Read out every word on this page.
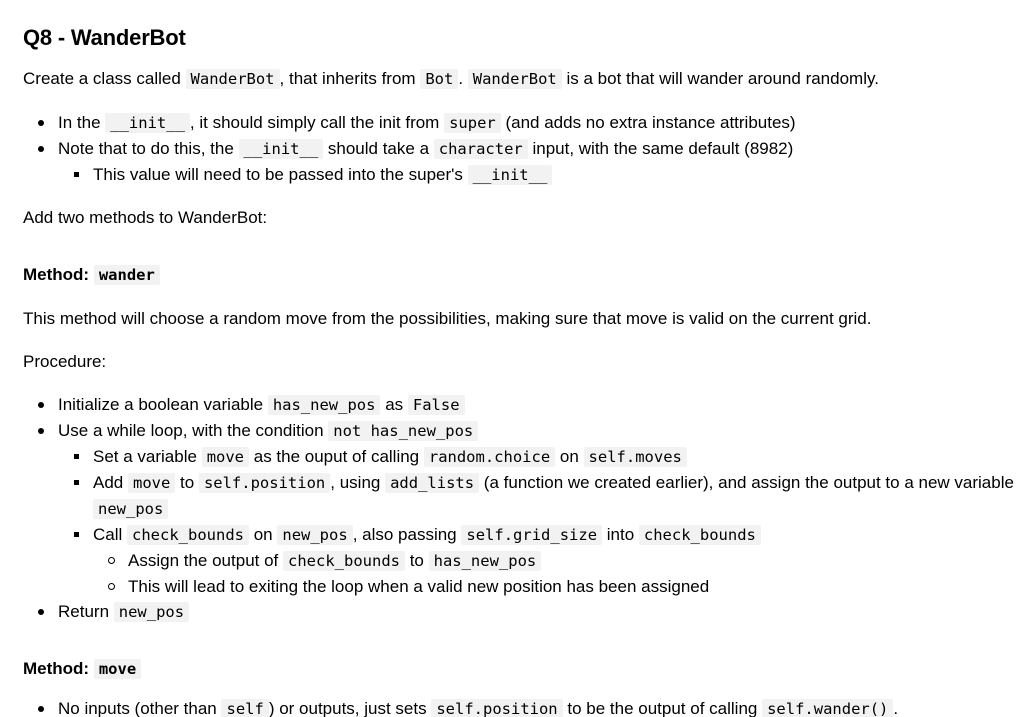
Q8 - WanderBot

Create a class called WanderBot , that inherits from Bot . WanderBot is a bot that will wander around randomly.

In the __init__ , it should simply call the init from super (and adds no extra instance attributes)
Note that to do this, the __init__ should take a character input, with the same default (8982)
This value will need to be passed into the super's __init__

Add two methods to WanderBot:

Method: wander

This method will choose a random move from the possibilities, making sure that move is valid on the current grid.

Procedure:

Initialize a boolean variable has_new_pos as False
Use a while loop, with the condition not has_new_pos
Set a variable move as the ouput of calling random.choice on self.moves
Add move to self.position , using add_lists (a function we created earlier), and assign the output to a new variable new_pos
Call check_bounds on new_pos , also passing self.grid_size into check_bounds
Assign the output of check_bounds to has_new_pos
This will lead to exiting the loop when a valid new position has been assigned
Return new_pos
Method: move
No inputs (other than self ) or outputs, just sets self.position to be the output of calling self.wander() .
